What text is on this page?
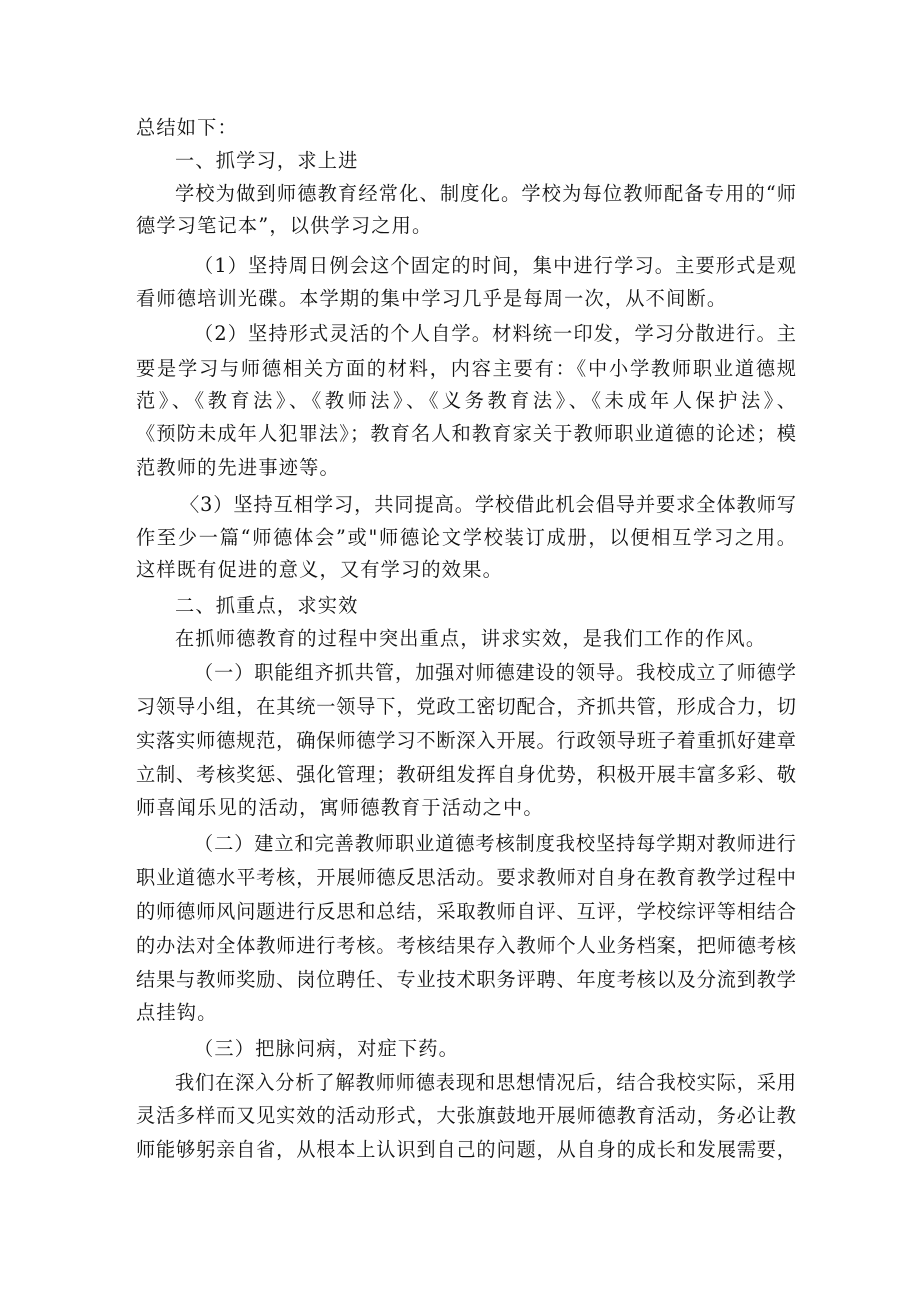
总结如下：
一、抓学习，求上进
学校为做到师德教育经常化、制度化。学校为每位教师配备专用的“师
德学习笔记本”，以供学习之用。
（1）坚持周日例会这个固定的时间，集中进行学习。主要形式是观
看师德培训光碟。本学期的集中学习几乎是每周一次，从不间断。
（2）坚持形式灵活的个人自学。材料统一印发，学习分散进行。主
要是学习与师德相关方面的材料，内容主要有：《中小学教师职业道德规
范》、《教育法》、《教师法》、《义务教育法》、《未成年人保护法》、
《预防未成年人犯罪法》；教育名人和教育家关于教师职业道德的论述；模
范教师的先进事迹等。
〈3）坚持互相学习，共同提高。学校借此机会倡导并要求全体教师写
作至少一篇“师德体会”或"师德论文学校装订成册，以便相互学习之用。
这样既有促进的意义，又有学习的效果。
二、抓重点，求实效
在抓师德教育的过程中突出重点，讲求实效，是我们工作的作风。
（一）职能组齐抓共管，加强对师德建设的领导。我校成立了师德学
习领导小组，在其统一领导下，党政工密切配合，齐抓共管，形成合力，切
实落实师德规范，确保师德学习不断深入开展。行政领导班子着重抓好建章
立制、考核奖惩、强化管理；教研组发挥自身优势，积极开展丰富多彩、敬
师喜闻乐见的活动，寓师德教育于活动之中。
（二）建立和完善教师职业道德考核制度我校坚持每学期对教师进行
职业道德水平考核，开展师德反思活动。要求教师对自身在教育教学过程中
的师德师风问题进行反思和总结，采取教师自评、互评，学校综评等相结合
的办法对全体教师进行考核。考核结果存入教师个人业务档案，把师德考核
结果与教师奖励、岗位聘任、专业技术职务评聘、年度考核以及分流到教学
点挂钩。
（三）把脉问病，对症下药。
我们在深入分析了解教师师德表现和思想情况后，结合我校实际，采用
灵活多样而又见实效的活动形式，大张旗鼓地开展师德教育活动，务必让教
师能够躬亲自省，从根本上认识到自己的问题，从自身的成长和发展需要，
